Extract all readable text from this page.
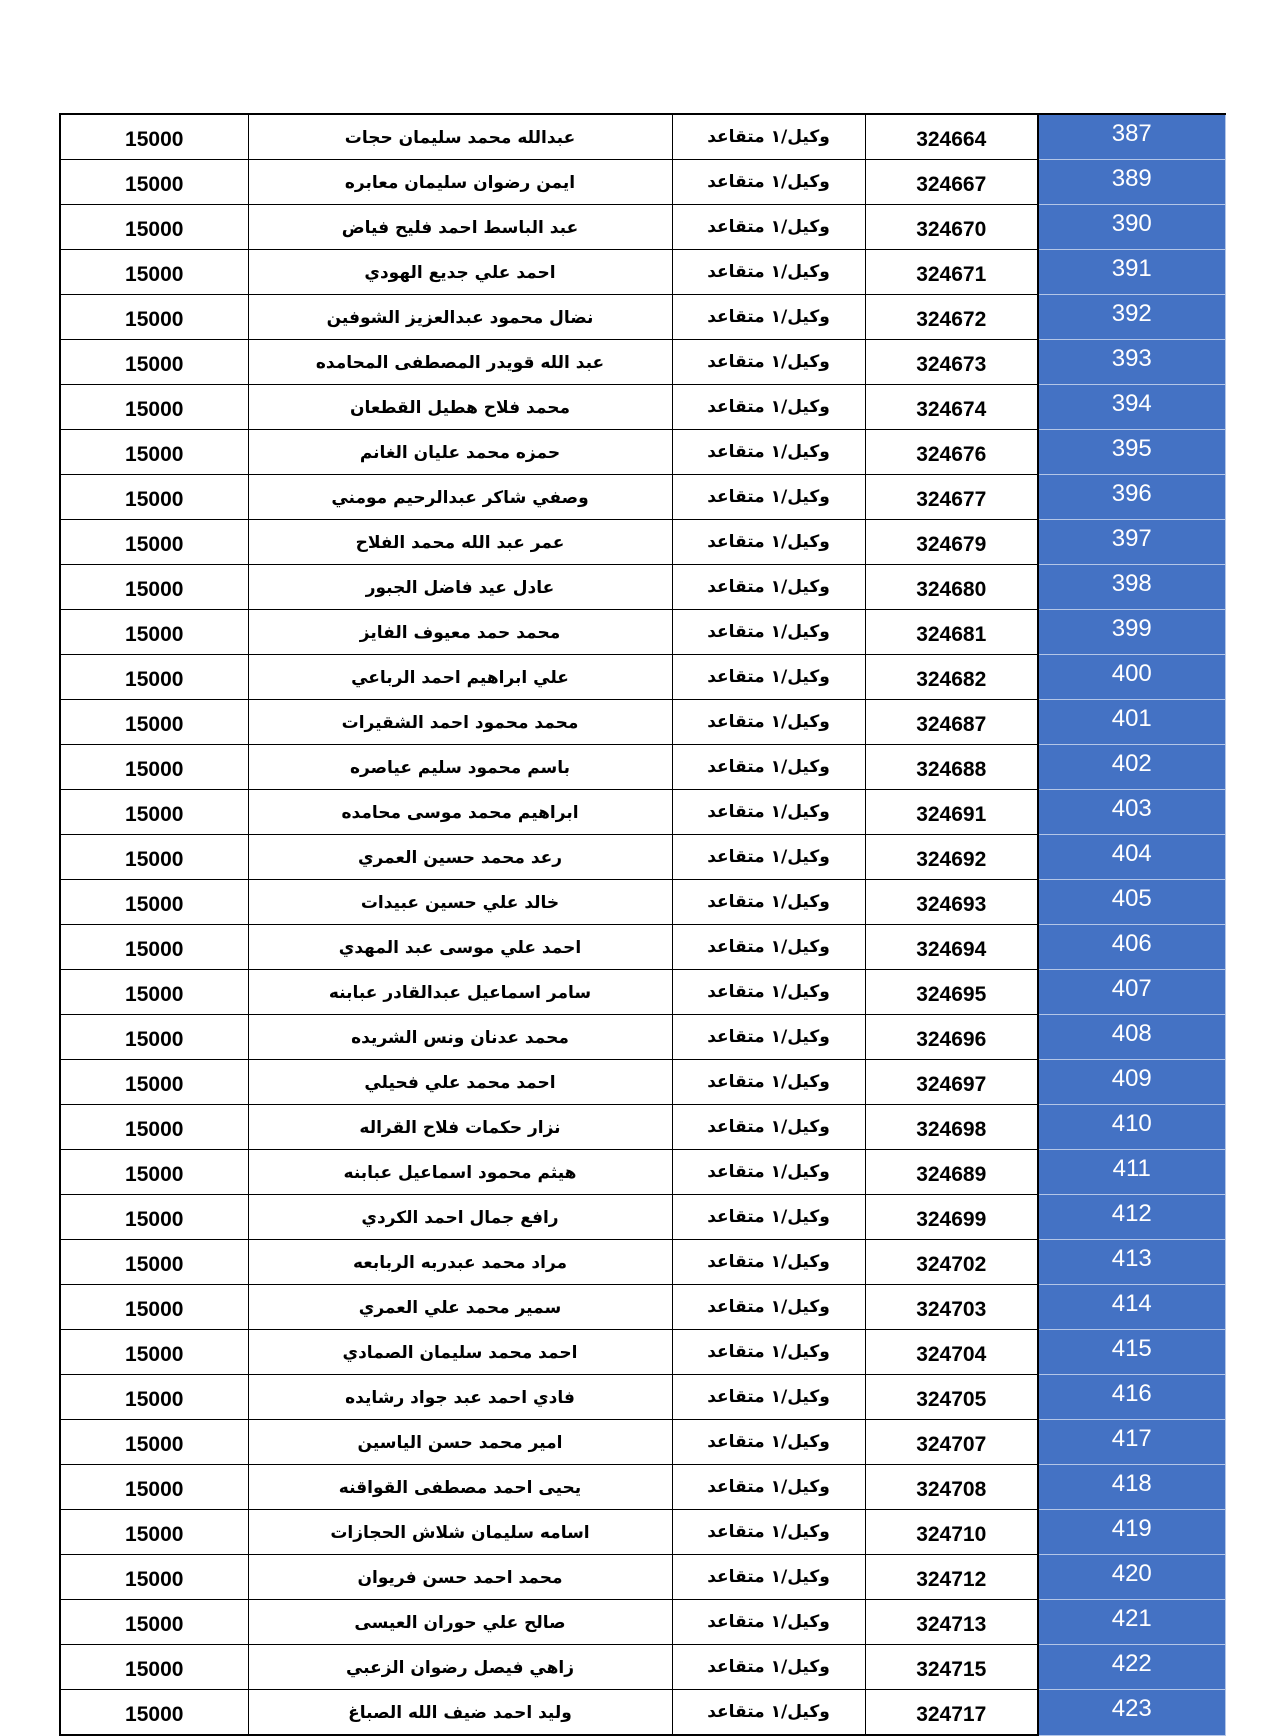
15000	عبدالله محمد سليمان حجات	وكيل/١ متقاعد	324664	387
15000	ايمن رضوان سليمان معابره	وكيل/١ متقاعد	324667	389
15000	عبد الباسط احمد فليح فياض	وكيل/١ متقاعد	324670	390
15000	احمد علي جديع الهودي	وكيل/١ متقاعد	324671	391
15000	نضال محمود عبدالعزيز الشوفين	وكيل/١ متقاعد	324672	392
15000	عبد الله قويدر المصطفى المحامده	وكيل/١ متقاعد	324673	393
15000	محمد فلاح هطيل القطعان	وكيل/١ متقاعد	324674	394
15000	حمزه محمد عليان الغانم	وكيل/١ متقاعد	324676	395
15000	وصفي شاكر عبدالرحيم مومني	وكيل/١ متقاعد	324677	396
15000	عمر عبد الله محمد الفلاح	وكيل/١ متقاعد	324679	397
15000	عادل عيد فاضل الجبور	وكيل/١ متقاعد	324680	398
15000	محمد حمد معيوف الفايز	وكيل/١ متقاعد	324681	399
15000	علي ابراهيم احمد الرباعي	وكيل/١ متقاعد	324682	400
15000	محمد محمود احمد الشقيرات	وكيل/١ متقاعد	324687	401
15000	باسم محمود سليم عياصره	وكيل/١ متقاعد	324688	402
15000	ابراهيم محمد موسى محامده	وكيل/١ متقاعد	324691	403
15000	رعد محمد حسين العمري	وكيل/١ متقاعد	324692	404
15000	خالد علي حسين عبيدات	وكيل/١ متقاعد	324693	405
15000	احمد علي موسى عبد المهدي	وكيل/١ متقاعد	324694	406
15000	سامر اسماعيل عبدالقادر عبابنه	وكيل/١ متقاعد	324695	407
15000	محمد عدنان ونس الشريده	وكيل/١ متقاعد	324696	408
15000	احمد محمد علي فحيلي	وكيل/١ متقاعد	324697	409
15000	نزار حكمات فلاح القراله	وكيل/١ متقاعد	324698	410
15000	هيثم محمود اسماعيل عبابنه	وكيل/١ متقاعد	324689	411
15000	رافع جمال احمد الكردي	وكيل/١ متقاعد	324699	412
15000	مراد محمد عبدربه الربابعه	وكيل/١ متقاعد	324702	413
15000	سمير محمد علي العمري	وكيل/١ متقاعد	324703	414
15000	احمد محمد سليمان الصمادي	وكيل/١ متقاعد	324704	415
15000	فادي احمد عبد جواد رشايده	وكيل/١ متقاعد	324705	416
15000	امير محمد حسن الياسين	وكيل/١ متقاعد	324707	417
15000	يحيى احمد مصطفى القواقنه	وكيل/١ متقاعد	324708	418
15000	اسامه سليمان شلاش الحجازات	وكيل/١ متقاعد	324710	419
15000	محمد احمد حسن فريوان	وكيل/١ متقاعد	324712	420
15000	صالح علي حوران العيسى	وكيل/١ متقاعد	324713	421
15000	زاهي فيصل رضوان الزعبي	وكيل/١ متقاعد	324715	422
15000	وليد احمد ضيف الله الصباغ	وكيل/١ متقاعد	324717	423
